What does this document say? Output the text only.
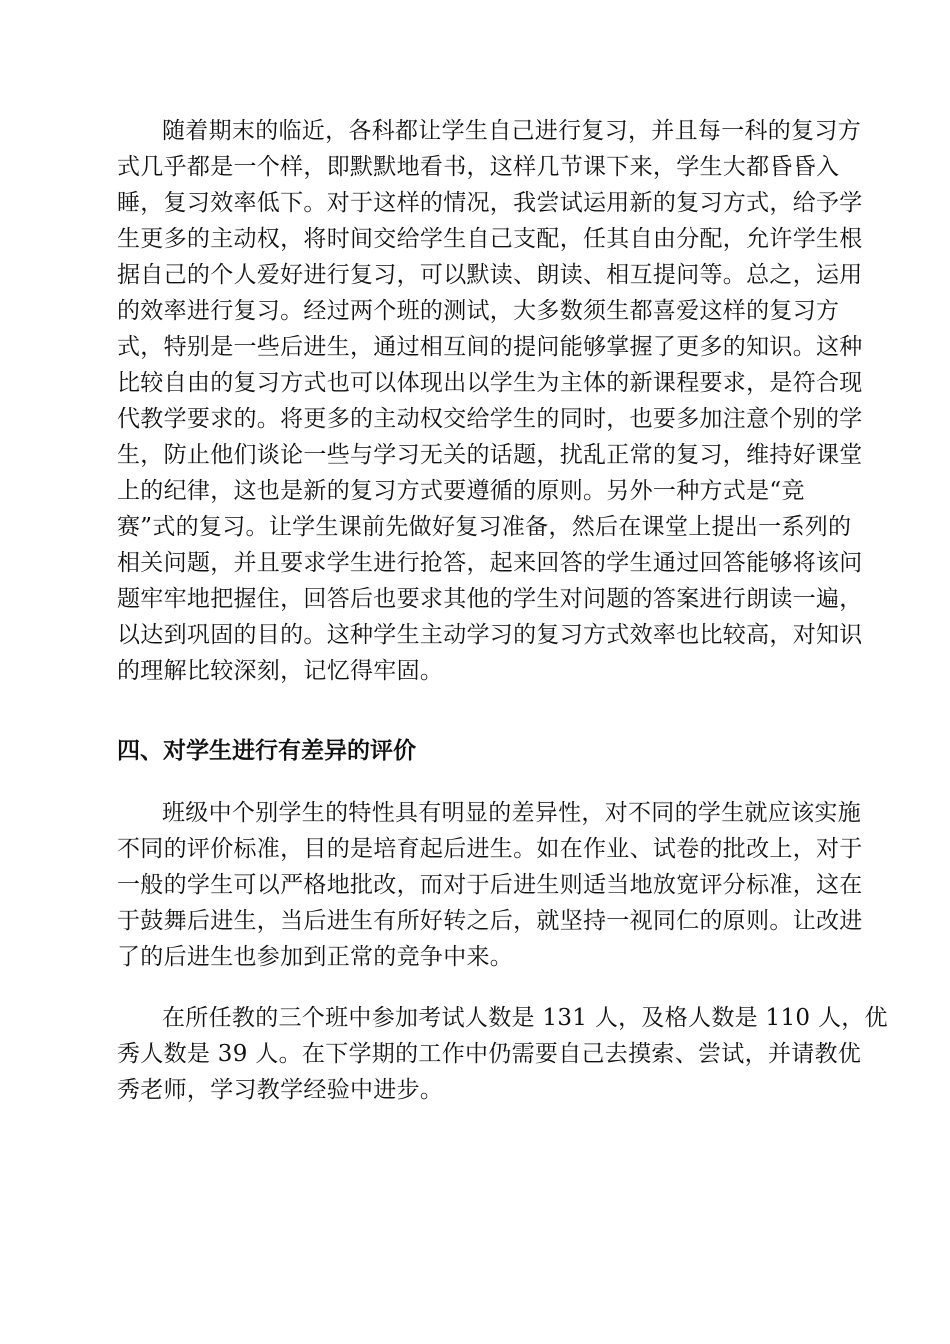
随着期末的临近，各科都让学生自己进行复习，并且每一科的复习方
式几乎都是一个样，即默默地看书，这样几节课下来，学生大都昏昏入
睡，复习效率低下。对于这样的情况，我尝试运用新的复习方式，给予学
生更多的主动权，将时间交给学生自己支配，任其自由分配，允许学生根
据自己的个人爱好进行复习，可以默读、朗读、相互提问等。总之，运用
的效率进行复习。经过两个班的测试，大多数须生都喜爱这样的复习方
式，特别是一些后进生，通过相互间的提问能够掌握了更多的知识。这种
比较自由的复习方式也可以体现出以学生为主体的新课程要求，是符合现
代教学要求的。将更多的主动权交给学生的同时，也要多加注意个别的学
生，防止他们谈论一些与学习无关的话题，扰乱正常的复习，维持好课堂
上的纪律，这也是新的复习方式要遵循的原则。另外一种方式是“竞
赛”式的复习。让学生课前先做好复习准备，然后在课堂上提出一系列的
相关问题，并且要求学生进行抢答，起来回答的学生通过回答能够将该问
题牢牢地把握住，回答后也要求其他的学生对问题的答案进行朗读一遍，
以达到巩固的目的。这种学生主动学习的复习方式效率也比较高，对知识
的理解比较深刻，记忆得牢固。
四、对学生进行有差异的评价
班级中个别学生的特性具有明显的差异性，对不同的学生就应该实施
不同的评价标准，目的是培育起后进生。如在作业、试卷的批改上，对于
一般的学生可以严格地批改，而对于后进生则适当地放宽评分标准，这在
于鼓舞后进生，当后进生有所好转之后，就坚持一视同仁的原则。让改进
了的后进生也参加到正常的竞争中来。
在所任教的三个班中参加考试人数是 131 人，及格人数是 110 人，优
秀人数是 39 人。在下学期的工作中仍需要自己去摸索、尝试，并请教优
秀老师，学习教学经验中进步。
